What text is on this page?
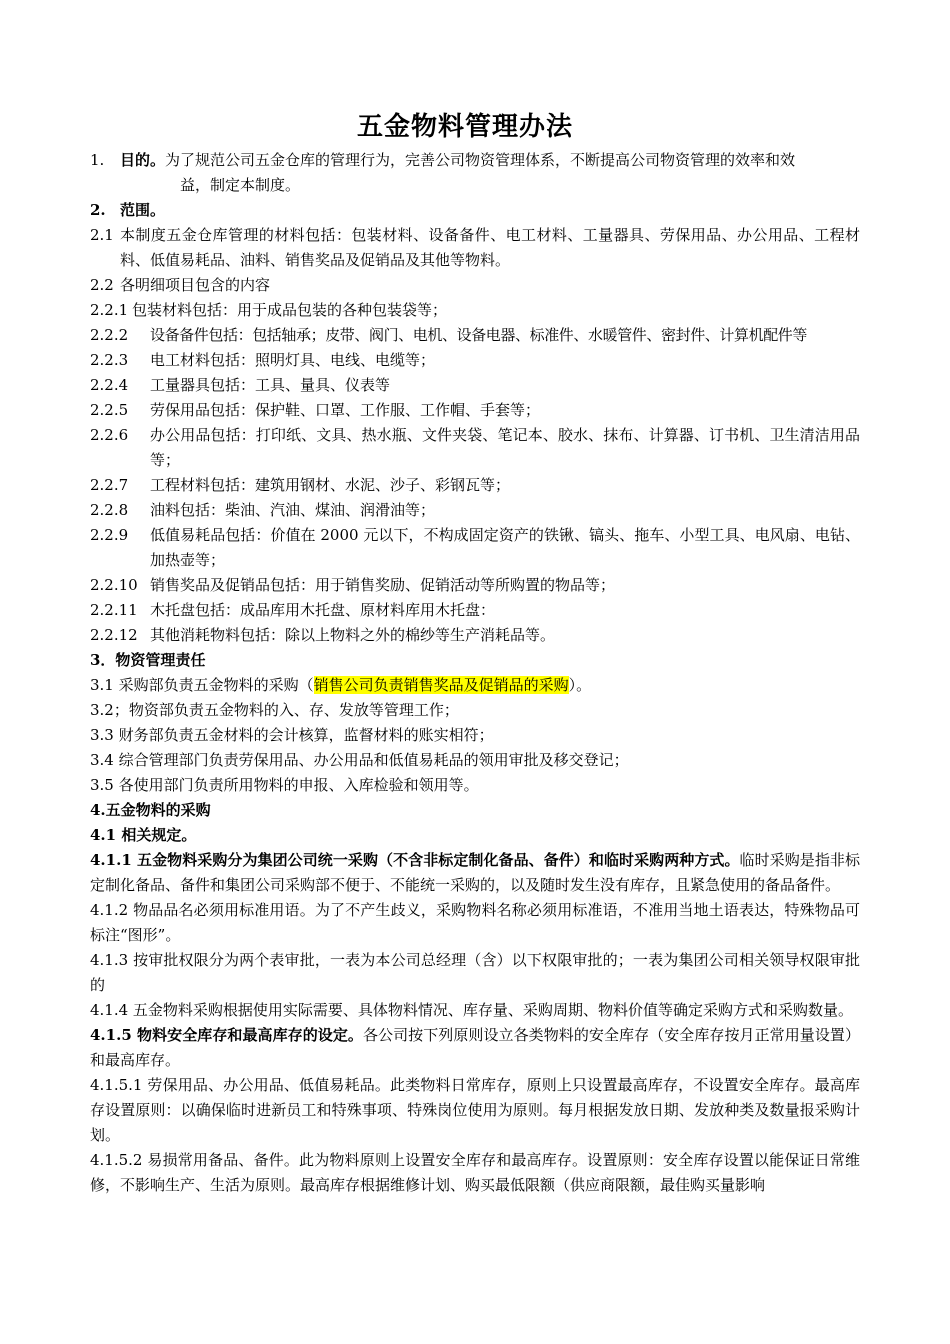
五金物料管理办法
1.	目的。为了规范公司五金仓库的管理行为，完善公司物资管理体系，不断提高公司物资管理的效率和效
益，制定本制度。
2. 范围。
2.1 本制度五金仓库管理的材料包括：包装材料、设备备件、电工材料、工量器具、劳保用品、办公用品、工程材料、低值易耗品、油料、销售奖品及促销品及其他等物料。
2.2 各明细项目包含的内容
2.2.1 包装材料包括：用于成品包装的各种包装袋等；
2.2.2	设备备件包括：包括轴承；皮带、阀门、电机、设备电器、标准件、水暖管件、密封件、计算机配件等
2.2.3	电工材料包括：照明灯具、电线、电缆等；
2.2.4	工量器具包括：工具、量具、仪表等
2.2.5	劳保用品包括：保护鞋、口罩、工作服、工作帽、手套等；
2.2.6	办公用品包括：打印纸、文具、热水瓶、文件夹袋、笔记本、胶水、抹布、计算器、订书机、卫生清洁用品等；
2.2.7	工程材料包括：建筑用钢材、水泥、沙子、彩钢瓦等；
2.2.8	油料包括：柴油、汽油、煤油、润滑油等；
2.2.9	低值易耗品包括：价值在 2000 元以下，不构成固定资产的铁锹、镐头、拖车、小型工具、电风扇、电钻、加热壶等；
2.2.10 销售奖品及促销品包括：用于销售奖励、促销活动等所购置的物品等；
2.2.11 木托盘包括：成品库用木托盘、原材料库用木托盘：
2.2.12 其他消耗物料包括：除以上物料之外的棉纱等生产消耗品等。
3．物资管理责任
3.1 采购部负责五金物料的采购（销售公司负责销售奖品及促销品的采购）。
3.2；物资部负责五金物料的入、存、发放等管理工作；
3.3 财务部负责五金材料的会计核算，监督材料的账实相符；
3.4 综合管理部门负责劳保用品、办公用品和低值易耗品的领用审批及移交登记；
3.5 各使用部门负责所用物料的申报、入库检验和领用等。
4.五金物料的采购
4.1 相关规定。
4.1.1 五金物料采购分为集团公司统一采购（不含非标定制化备品、备件）和临时采购两种方式。临时采购是指非标定制化备品、备件和集团公司采购部不便于、不能统一采购的，以及随时发生没有库存，且紧急使用的备品备件。
4.1.2 物品品名必须用标准用语。为了不产生歧义，采购物料名称必须用标准语，不准用当地土语表达，特殊物品可标注“图形”。
4.1.3 按审批权限分为两个表审批，一表为本公司总经理（含）以下权限审批的；一表为集团公司相关领导权限审批的
4.1.4 五金物料采购根据使用实际需要、具体物料情况、库存量、采购周期、物料价值等确定采购方式和采购数量。
4.1.5 物料安全库存和最高库存的设定。各公司按下列原则设立各类物料的安全库存（安全库存按月正常用量设置）和最高库存。
4.1.5.1 劳保用品、办公用品、低值易耗品。此类物料日常库存，原则上只设置最高库存，不设置安全库存。最高库存设置原则：以确保临时进新员工和特殊事项、特殊岗位使用为原则。每月根据发放日期、发放种类及数量报采购计划。
4.1.5.2 易损常用备品、备件。此为物料原则上设置安全库存和最高库存。设置原则：安全库存设置以能保证日常维修，不影响生产、生活为原则。最高库存根据维修计划、购买最低限额（供应商限额，最佳购买量影响
